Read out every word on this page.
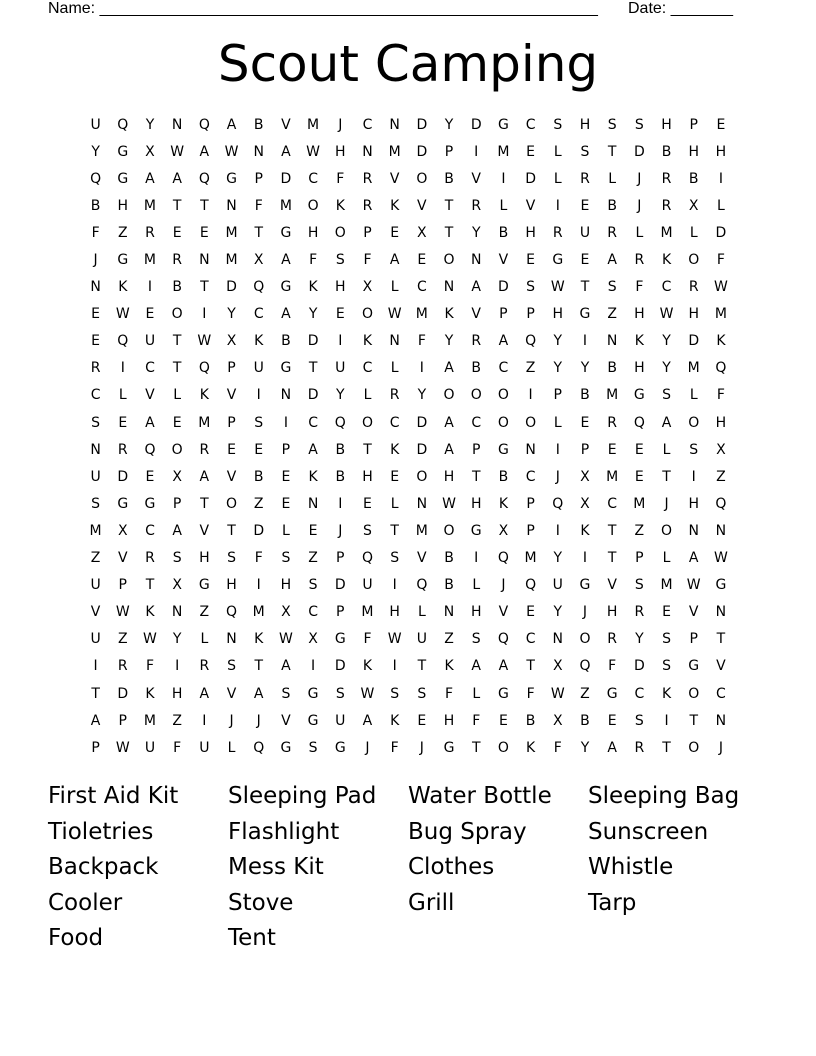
Name: ________________________________________________________ Date: _______
Scout Camping
U	Q	Y	N	Q	A	B	V	M	J	C	N	D	Y	D	G	C	S	H	S	S	H	P	E
Y	G	X	W	A	W	N	A	W	H	N	M	D	P	I	M	E	L	S	T	D	B	H	H
Q	G	A	A	Q	G	P	D	C	F	R	V	O	B	V	I	D	L	R	L	J	R	B	I
B	H	M	T	T	N	F	M	O	K	R	K	V	T	R	L	V	I	E	B	J	R	X	L
F	Z	R	E	E	M	T	G	H	O	P	E	X	T	Y	B	H	R	U	R	L	M	L	D
J	G	M	R	N	M	X	A	F	S	F	A	E	O	N	V	E	G	E	A	R	K	O	F
N	K	I	B	T	D	Q	G	K	H	X	L	C	N	A	D	S	W	T	S	F	C	R	W
E	W	E	O	I	Y	C	A	Y	E	O	W	M	K	V	P	P	H	G	Z	H	W	H	M
E	Q	U	T	W	X	K	B	D	I	K	N	F	Y	R	A	Q	Y	I	N	K	Y	D	K
R	I	C	T	Q	P	U	G	T	U	C	L	I	A	B	C	Z	Y	Y	B	H	Y	M	Q
C	L	V	L	K	V	I	N	D	Y	L	R	Y	O	O	O	I	P	B	M	G	S	L	F
S	E	A	E	M	P	S	I	C	Q	O	C	D	A	C	O	O	L	E	R	Q	A	O	H
N	R	Q	O	R	E	E	P	A	B	T	K	D	A	P	G	N	I	P	E	E	L	S	X
U	D	E	X	A	V	B	E	K	B	H	E	O	H	T	B	C	J	X	M	E	T	I	Z
S	G	G	P	T	O	Z	E	N	I	E	L	N	W	H	K	P	Q	X	C	M	J	H	Q
M	X	C	A	V	T	D	L	E	J	S	T	M	O	G	X	P	I	K	T	Z	O	N	N
Z	V	R	S	H	S	F	S	Z	P	Q	S	V	B	I	Q	M	Y	I	T	P	L	A	W
U	P	T	X	G	H	I	H	S	D	U	I	Q	B	L	J	Q	U	G	V	S	M	W	G
V	W	K	N	Z	Q	M	X	C	P	M	H	L	N	H	V	E	Y	J	H	R	E	V	N
U	Z	W	Y	L	N	K	W	X	G	F	W	U	Z	S	Q	C	N	O	R	Y	S	P	T
I	R	F	I	R	S	T	A	I	D	K	I	T	K	A	A	T	X	Q	F	D	S	G	V
T	D	K	H	A	V	A	S	G	S	W	S	S	F	L	G	F	W	Z	G	C	K	O	C
A	P	M	Z	I	J	J	V	G	U	A	K	E	H	F	E	B	X	B	E	S	I	T	N
P	W	U	F	U	L	Q	G	S	G	J	F	J	G	T	O	K	F	Y	A	R	T	O	J
First Aid Kit	Sleeping Pad	Water Bottle	Sleeping Bag
Tioletries	Flashlight	Bug Spray	Sunscreen
Backpack	Mess Kit	Clothes	Whistle
Cooler	Stove	Grill	Tarp
Food	Tent
